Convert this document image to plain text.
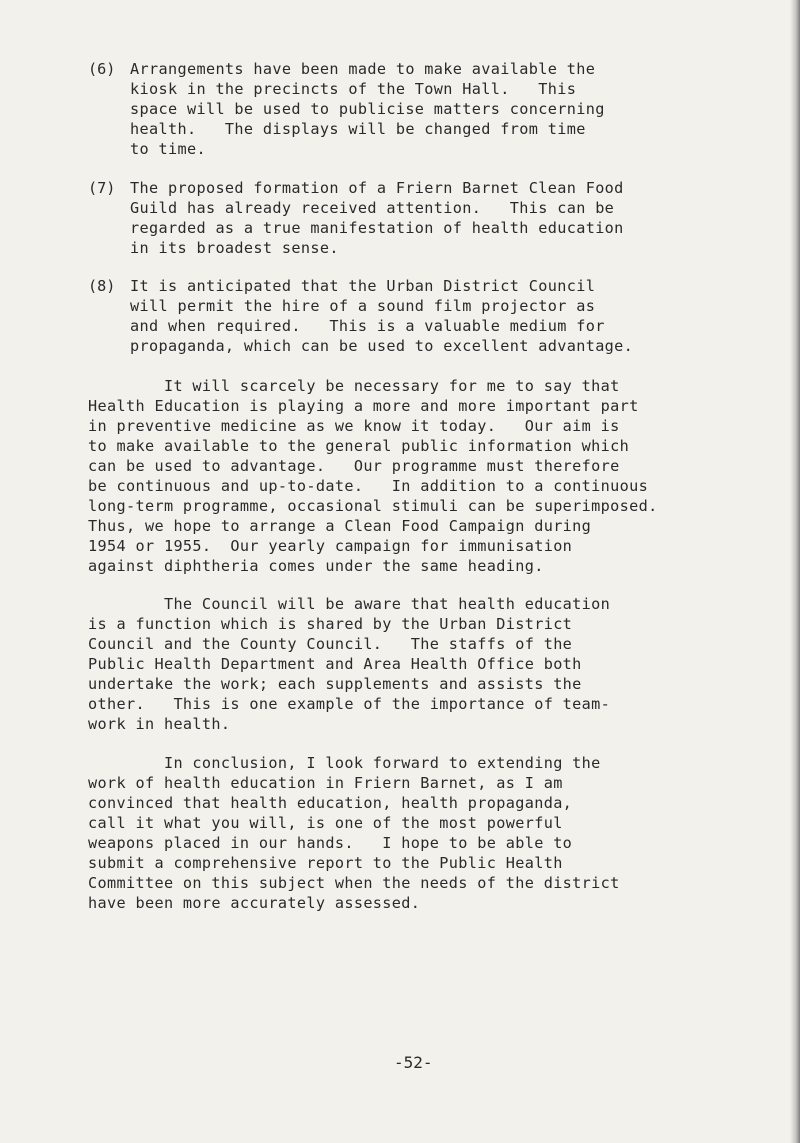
(6) Arrangements have been made to make available the
kiosk in the precincts of the Town Hall.   This
space will be used to publicise matters concerning
health.   The displays will be changed from time
to time.
(7) The proposed formation of a Friern Barnet Clean Food
Guild has already received attention.   This can be
regarded as a true manifestation of health education
in its broadest sense.
(8) It is anticipated that the Urban District Council
will permit the hire of a sound film projector as
and when required.   This is a valuable medium for
propaganda, which can be used to excellent advantage.
It will scarcely be necessary for me to say that
Health Education is playing a more and more important part
in preventive medicine as we know it today.   Our aim is
to make available to the general public information which
can be used to advantage.   Our programme must therefore
be continuous and up-to-date.   In addition to a continuous
long-term programme, occasional stimuli can be superimposed.
Thus, we hope to arrange a Clean Food Campaign during
1954 or 1955.  Our yearly campaign for immunisation
against diphtheria comes under the same heading.
The Council will be aware that health education
is a function which is shared by the Urban District
Council and the County Council.   The staffs of the
Public Health Department and Area Health Office both
undertake the work; each supplements and assists the
other.   This is one example of the importance of team-
work in health.
In conclusion, I look forward to extending the
work of health education in Friern Barnet, as I am
convinced that health education, health propaganda,
call it what you will, is one of the most powerful
weapons placed in our hands.   I hope to be able to
submit a comprehensive report to the Public Health
Committee on this subject when the needs of the district
have been more accurately assessed.
-52-
